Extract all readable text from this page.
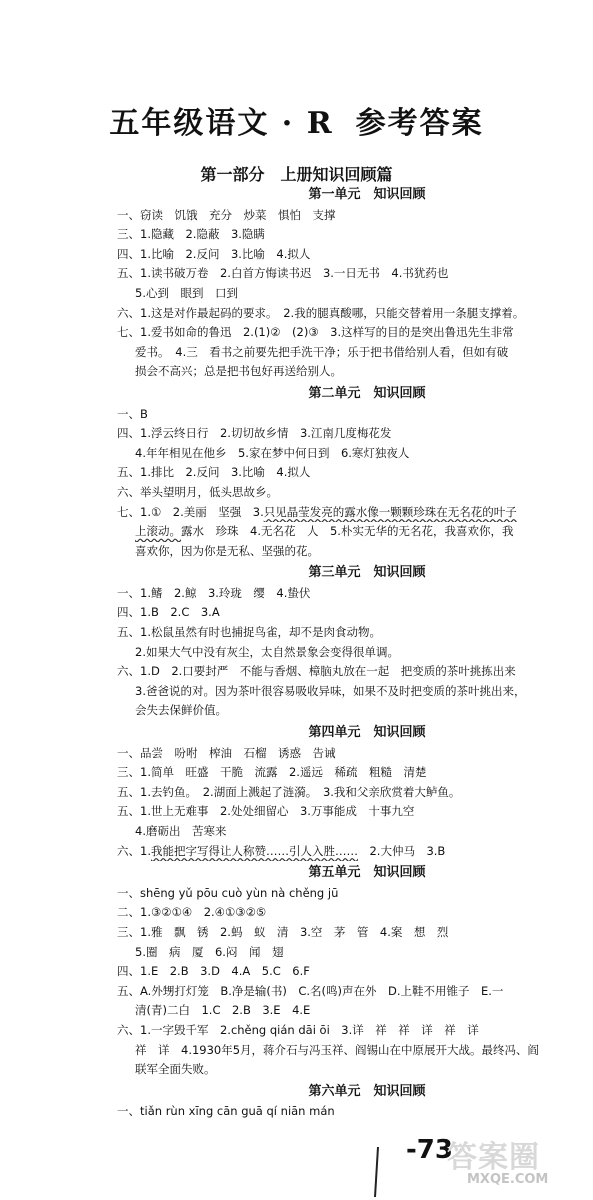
五年级语文 · R 参考答案
第一部分　上册知识回顾篇
第一单元　知识回顾
一、窃读　饥饿　充分　炒菜　惧怕　支撑
三、1.隐藏　2.隐蔽　3.隐瞒
四、1.比喻　2.反问　3.比喻　4.拟人
五、1.读书破万卷　2.白首方悔读书迟　3.一日无书　4.书犹药也
5.心到　眼到　口到
六、1.这是对作最起码的要求。　2.我的腿真酸哪，只能交替着用一条腿支撑着。
七、1.爱书如命的鲁迅　2.(1)②　(2)③　3.这样写的目的是突出鲁迅先生非常
爱书。　4.三　看书之前要先把手洗干净；乐于把书借给别人看，但如有破
损会不高兴；总是把书包好再送给别人。
第二单元　知识回顾
一、B
四、1.浮云终日行　2.切切故乡情　3.江南几度梅花发
4.年年相见在他乡　5.家在梦中何日到　6.寒灯独夜人
五、1.排比　2.反问　3.比喻　4.拟人
六、举头望明月，低头思故乡。
七、1.①　2.美丽　坚强　3.只见晶莹发亮的露水像一颗颗珍珠在无名花的叶子
上滚动。露水　珍珠　4.无名花　人　5.朴实无华的无名花，我喜欢你，我
喜欢你，因为你是无私、坚强的花。
第三单元　知识回顾
一、1.鳍　2.鲸　3.玲珑　缨　4.蛰伏
四、1.B　2.C　3.A
五、1.松鼠虽然有时也捕捉鸟雀，却不是肉食动物。
2.如果大气中没有灰尘，太自然景象会变得很单调。
六、1.D　2.口要封严　不能与香烟、樟脑丸放在一起　把变质的茶叶挑拣出来
3.爸爸说的对。因为茶叶很容易吸收异味，如果不及时把变质的茶叶挑出来，
会失去保鲜价值。
第四单元　知识回顾
一、品尝　吩咐　榨油　石榴　诱惑　告诫
三、1.简单　旺盛　干脆　流露　2.遥远　稀疏　粗糙　清楚
五、1.去钓鱼。　2.湖面上溅起了涟漪。　3.我和父亲欣赏着大鲈鱼。
五、1.世上无难事　2.处处细留心　3.万事能成　十事九空
4.磨砺出　苦寒来
六、1.我能把字写得让人称赞……引人入胜……　 2.大仲马　3.B
第五单元　知识回顾
一、shēng yǔ pōu cuò yùn nà chěng jū
二、1.③②①④　2.④①③②⑤
三、1.雅　飘　锈　2.蚂　蚁　清　3.空　茅　管　4.案　想　烈
5.圈　病　厦　6.闷　闻　翅
四、1.E　2.B　3.D　4.A　5.C　6.F
五、A.外甥打灯笼　B.净是输(书)　C.名(鸣)声在外　D.上鞋不用锥子　E.一
清(青)二白　1.C　2.B　3.E　4.E
六、1.一字毁千军　2.chěng qián dāi ōi　3.详　祥　祥　详　祥　详
祥　详　4.1930年5月，蒋介石与冯玉祥、阎锡山在中原展开大战。最终冯、阎
联军全面失败。
第六单元　知识回顾
一、tiǎn rùn xīng cān guā qí niān mán
-73
答案圈
MXQE.COM
